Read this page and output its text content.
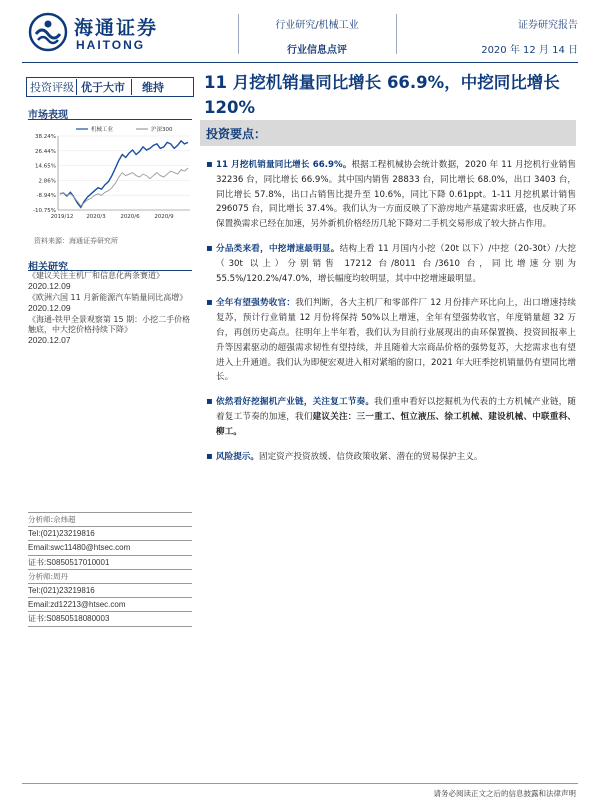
海通证券
HAITONG
行业研究/机械工业
行业信息点评
证券研究报告
2020 年 12 月 14 日
投资评级 优于大市	维持
市场表现
机械工业	沪深300
38.24%
26.44%
14.65%
2.86%
-8.94%
-10.75%
2019/12 2020/3	2020/6	2020/9
资料来源：海通证券研究所
相关研究
《建议关注主机厂和信息化两条赛道》
2020.12.09
《欧洲六国 11 月新能源汽车销量同比高增》
2020.12.09
《海通-铁甲全景观察第 15 期：小挖二手价格触底，中大挖价格持续下降》
2020.12.07
分析师:佘炜超
Tel:(021)23219816
Email:swc11480@htsec.com
证书:S0850517010001
分析师:周丹
Tel:(021)23219816
Email:zd12213@htsec.com
证书:S0850518080003
11 月挖机销量同比增长 66.9%，中挖同比增长 120%
投资要点：
▪ 11 月挖机销量同比增长 66.9%。根据工程机械协会统计数据，2020 年 11 月挖机行业销售 32236 台，同比增长 66.9%。其中国内销售 28833 台，同比增长 68.0%，出口 3403 台，同比增长 57.8%，出口占销售比提升至 10.6%，同比下降 0.61ppt。1-11 月挖机累计销售 296075 台，同比增长 37.4%。我们认为一方面反映了下游房地产基建需求旺盛，也反映了环保置换需求已经在加速，另外新机价格经历几轮下降对二手机交易形成了较大挤占作用。
▪ 分品类来看，中挖增速最明显。结构上看 11 月国内小挖（20t 以下）/中挖（20-30t）/大挖（30t 以上）分别销售 17212 台/8011 台/3610 台，同比增速分别为 55.5%/120.2%/47.0%，增长幅度均较明显，其中中挖增速最明显。
▪ 全年有望强势收官：我们判断，各大主机厂和零部件厂 12 月份排产环比向上，出口增速持续复苏，预计行业销量 12 月份将保持 50%以上增速，全年有望强势收官，年度销量超 32 万台，再创历史高点。往明年上半年看，我们认为目前行业展现出的由环保置换、投资回报率上升等因素驱动的超强需求韧性有望持续，并且随着大宗商品价格的强势复苏，大挖需求也有望进入上升通道。我们认为即便宏观进入相对紧缩的窗口，2021 年大旺季挖机销量仍有望同比增长。
▪ 依然看好挖掘机产业链，关注复工节奏。我们重申看好以挖掘机为代表的土方机械产业链，随着复工节奏的加速，我们建议关注：三一重工、恒立液压、徐工机械、建设机械、中联重科、柳工。
▪ 风险提示。固定资产投资放缓、信贷政策收紧、潜在的贸易保护主义。
请务必阅读正文之后的信息披露和法律声明
